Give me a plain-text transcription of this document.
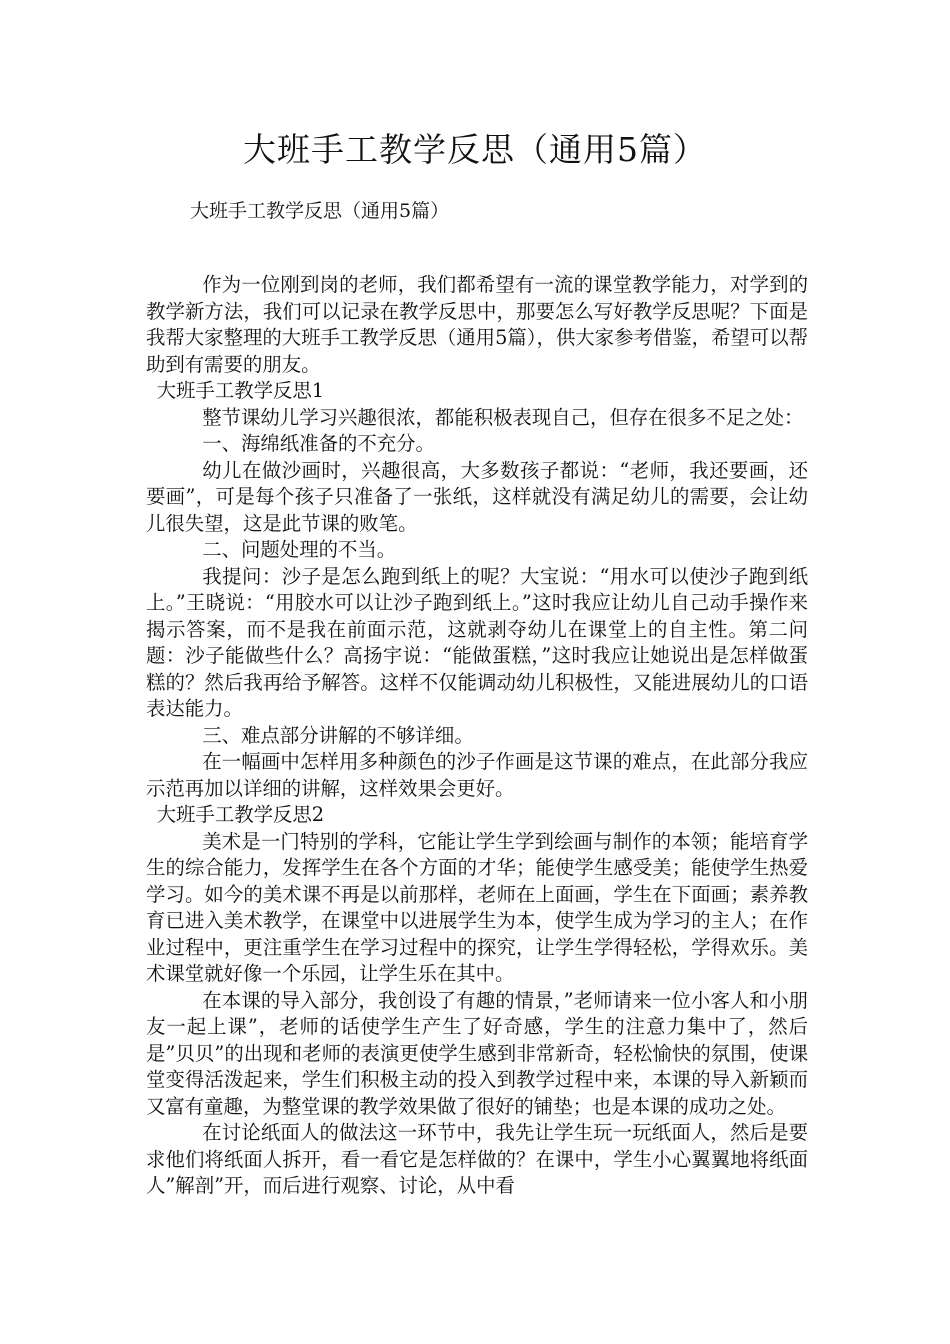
大班手工教学反思（通用5篇）

大班手工教学反思（通用5篇）

作为一位刚到岗的老师，我们都希望有一流的课堂教学能力，对学到的教学新方法，我们可以记录在教学反思中，那要怎么写好教学反思呢？下面是我帮大家整理的大班手工教学反思（通用5篇），供大家参考借鉴，希望可以帮助到有需要的朋友。

大班手工教学反思1

整节课幼儿学习兴趣很浓，都能积极表现自己，但存在很多不足之处：

一、海绵纸准备的不充分。

幼儿在做沙画时，兴趣很高，大多数孩子都说：“老师，我还要画，还要画”，可是每个孩子只准备了一张纸，这样就没有满足幼儿的需要，会让幼儿很失望，这是此节课的败笔。

二、问题处理的不当。

我提问：沙子是怎么跑到纸上的呢？大宝说：“用水可以使沙子跑到纸上。”王晓说：“用胶水可以让沙子跑到纸上。”这时我应让幼儿自己动手操作来揭示答案，而不是我在前面示范，这就剥夺幼儿在课堂上的自主性。第二问题：沙子能做些什么？高扬宇说：“能做蛋糕，”这时我应让她说出是怎样做蛋糕的？然后我再给予解答。这样不仅能调动幼儿积极性，又能进展幼儿的口语表达能力。

三、难点部分讲解的不够详细。

在一幅画中怎样用多种颜色的沙子作画是这节课的难点，在此部分我应示范再加以详细的讲解，这样效果会更好。

大班手工教学反思2

美术是一门特别的学科，它能让学生学到绘画与制作的本领；能培育学生的综合能力，发挥学生在各个方面的才华；能使学生感受美；能使学生热爱学习。如今的美术课不再是以前那样，老师在上面画，学生在下面画；素养教育已进入美术教学，在课堂中以进展学生为本，使学生成为学习的主人；在作业过程中，更注重学生在学习过程中的探究，让学生学得轻松，学得欢乐。美术课堂就好像一个乐园，让学生乐在其中。

在本课的导入部分，我创设了有趣的情景，”老师请来一位小客人和小朋友一起上课”，老师的话使学生产生了好奇感，学生的注意力集中了，然后是”贝贝”的出现和老师的表演更使学生感到非常新奇，轻松愉快的氛围，使课堂变得活泼起来，学生们积极主动的投入到教学过程中来，本课的导入新颖而又富有童趣，为整堂课的教学效果做了很好的铺垫；也是本课的成功之处。

在讨论纸面人的做法这一环节中，我先让学生玩一玩纸面人，然后是要求他们将纸面人拆开，看一看它是怎样做的？在课中，学生小心翼翼地将纸面人”解剖”开，而后进行观察、讨论，从中看
